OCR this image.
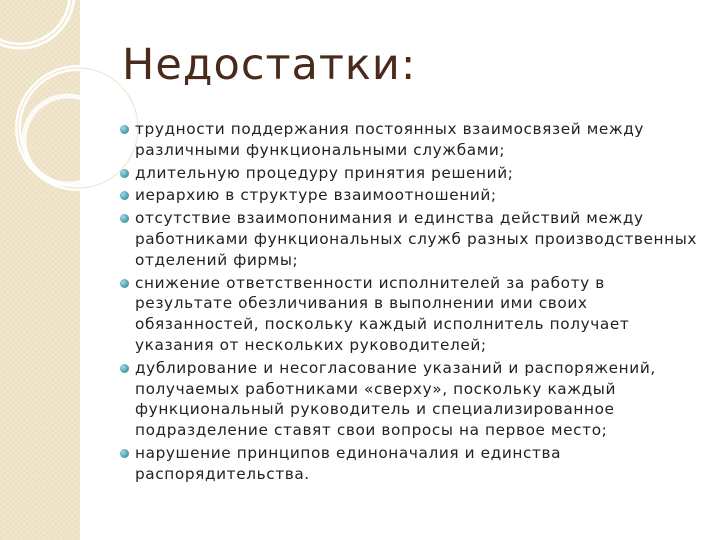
Недостатки:
трудности поддержания постоянных взаимосвязей между различными функциональными службами;
длительную процедуру принятия решений;
иерархию в структуре взаимоотношений;
отсутствие взаимопонимания и единства действий между работниками функциональных служб разных производственных отделений фирмы;
снижение ответственности исполнителей за работу в результате обезличивания в выполнении ими своих обязанностей, поскольку каждый исполнитель получает указания от нескольких руководителей;
дублирование и несогласование указаний и распоряжений, получаемых работниками «сверху», поскольку каждый функциональный руководитель и специализированное подразделение ставят свои вопросы на первое место;
нарушение принципов единоначалия и единства распорядительства.
